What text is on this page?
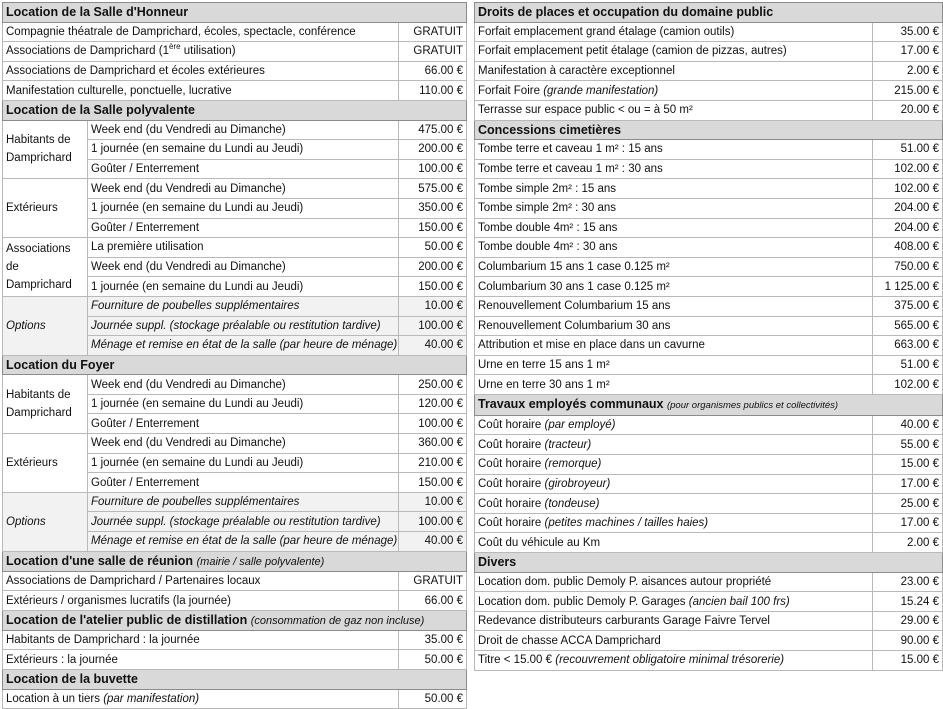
Location de la Salle d'Honneur		
Compagnie théatrale de Damprichard, écoles, spectacle, conférence		GRATUIT
Associations de Damprichard (1ère utilisation)		GRATUIT
Associations de Damprichard et écoles extérieures		66.00 €
Manifestation culturelle, ponctuelle, lucrative		110.00 €
Location de la Salle polyvalente		
Habitants de Damprichard	Week end (du Vendredi au Dimanche)	475.00 €
	1 journée (en semaine du Lundi au Jeudi)	200.00 €
	Goûter / Enterrement	100.00 €
Extérieurs	Week end (du Vendredi au Dimanche)	575.00 €
	1 journée (en semaine du Lundi au Jeudi)	350.00 €
	Goûter / Enterrement	150.00 €
Associations de Damprichard	La première utilisation	50.00 €
	Week end (du Vendredi au Dimanche)	200.00 €
	1 journée (en semaine du Lundi au Jeudi)	150.00 €
Options	Fourniture de poubelles supplémentaires	10.00 €
	Journée suppl. (stockage préalable ou restitution tardive)	100.00 €
	Ménage et remise en état de la salle (par heure de ménage)	40.00 €
Location du Foyer		
Habitants de Damprichard	Week end (du Vendredi au Dimanche)	250.00 €
	1 journée (en semaine du Lundi au Jeudi)	120.00 €
	Goûter / Enterrement	100.00 €
Extérieurs	Week end (du Vendredi au Dimanche)	360.00 €
	1 journée (en semaine du Lundi au Jeudi)	210.00 €
	Goûter / Enterrement	150.00 €
Options	Fourniture de poubelles supplémentaires	10.00 €
	Journée suppl. (stockage préalable ou restitution tardive)	100.00 €
	Ménage et remise en état de la salle (par heure de ménage)	40.00 €
Location d'une salle de réunion (mairie / salle polyvalente)		
Associations de Damprichard / Partenaires locaux		GRATUIT
Extérieurs / organismes lucratifs (la journée)		66.00 €
Location de l'atelier public de distillation (consommation de gaz non incluse)		
Habitants de Damprichard : la journée		35.00 €
Extérieurs : la journée		50.00 €
Location de la buvette		
Location à un tiers (par manifestation)		50.00 €
Droits de places et occupation du domaine public	
Forfait emplacement grand étalage (camion outils)	35.00 €
Forfait emplacement petit étalage (camion de pizzas, autres)	17.00 €
Manifestation à caractère exceptionnel	2.00 €
Forfait Foire (grande manifestation)	215.00 €
Terrasse sur espace public < ou = à 50 m²	20.00 €
Concessions cimetières	
Tombe terre et caveau 1 m² : 15 ans	51.00 €
Tombe terre et caveau 1 m² : 30 ans	102.00 €
Tombe simple 2m² : 15 ans	102.00 €
Tombe simple 2m² : 30 ans	204.00 €
Tombe double 4m² : 15 ans	204.00 €
Tombe double 4m² : 30 ans	408.00 €
Columbarium 15 ans 1 case 0.125 m²	750.00 €
Columbarium 30 ans 1 case 0.125 m²	1 125.00 €
Renouvellement Columbarium 15 ans	375.00 €
Renouvellement Columbarium 30 ans	565.00 €
Attribution et mise en place dans un cavurne	663.00 €
Urne en terre 15 ans 1 m²	51.00 €
Urne en terre 30 ans 1 m²	102.00 €
Travaux employés communaux (pour organismes publics et collectivités)	
Coût horaire (par employé)	40.00 €
Coût horaire (tracteur)	55.00 €
Coût horaire (remorque)	15.00 €
Coût horaire (girobroyeur)	17.00 €
Coût horaire (tondeuse)	25.00 €
Coût horaire (petites machines / tailles haies)	17.00 €
Coût du véhicule au Km	2.00 €
Divers	
Location dom. public Demoly P. aisances autour propriété	23.00 €
Location dom. public Demoly P. Garages (ancien bail 100 frs)	15.24 €
Redevance distributeurs carburants Garage Faivre Tervel	29.00 €
Droit de chasse ACCA Damprichard	90.00 €
Titre < 15.00 € (recouvrement obligatoire minimal trésorerie)	15.00 €
